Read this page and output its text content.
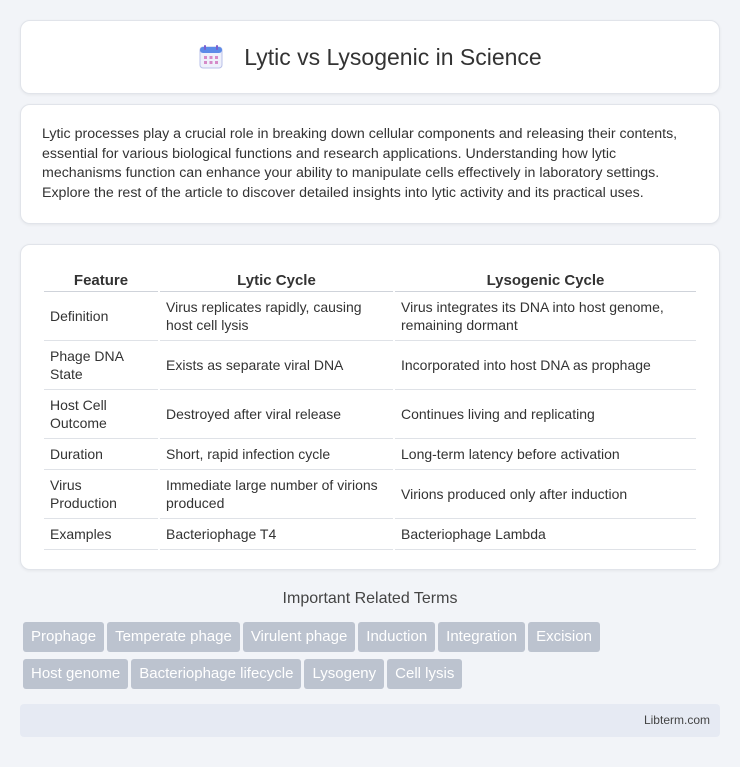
Lytic vs Lysogenic in Science

Lytic processes play a crucial role in breaking down cellular components and releasing their contents, essential for various biological functions and research applications. Understanding how lytic mechanisms function can enhance your ability to manipulate cells effectively in laboratory settings. Explore the rest of the article to discover detailed insights into lytic activity and its practical uses.

Feature	Lytic Cycle	Lysogenic Cycle
Definition	Virus replicates rapidly, causing host cell lysis	Virus integrates its DNA into host genome, remaining dormant
Phage DNA State	Exists as separate viral DNA	Incorporated into host DNA as prophage
Host Cell Outcome	Destroyed after viral release	Continues living and replicating
Duration	Short, rapid infection cycle	Long-term latency before activation
Virus Production	Immediate large number of virions produced	Virions produced only after induction
Examples	Bacteriophage T4	Bacteriophage Lambda
Important Related Terms
Prophage Temperate phage Virulent phage Induction Integration Excision
Host genome Bacteriophage lifecycle Lysogeny Cell lysis
Libterm.com
